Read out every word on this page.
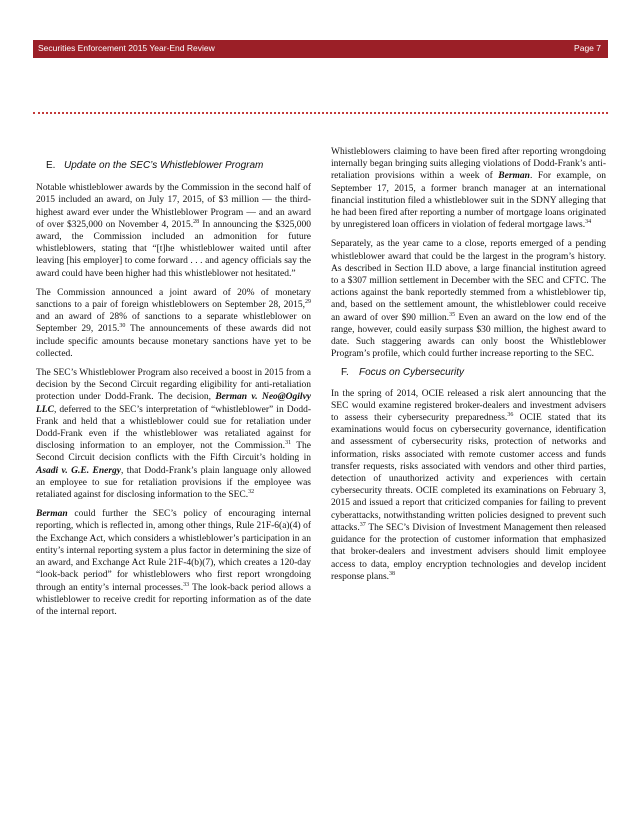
Securities Enforcement 2015 Year-End Review	Page 7
E. Update on the SEC’s Whistleblower Program

Notable whistleblower awards by the Commission in the second half of 2015 included an award, on July 17, 2015, of $3 million — the third-highest award ever under the Whistleblower Program — and an award of over $325,000 on November 4, 2015.28 In announcing the $325,000 award, the Commission included an admonition for future whistleblowers, stating that “[t]he whistleblower waited until after leaving [his employer] to come forward . . . and agency officials say the award could have been higher had this whistleblower not hesitated.”

The Commission announced a joint award of 20% of monetary sanctions to a pair of foreign whistleblowers on September 28, 2015,29 and an award of 28% of sanctions to a separate whistleblower on September 29, 2015.30 The announcements of these awards did not include specific amounts because monetary sanctions have yet to be collected.

The SEC’s Whistleblower Program also received a boost in 2015 from a decision by the Second Circuit regarding eligibility for anti-retaliation protection under Dodd-Frank. The decision, Berman v. Neo@Ogilvy LLC, deferred to the SEC’s interpretation of “whistleblower” in Dodd-Frank and held that a whistleblower could sue for retaliation under Dodd-Frank even if the whistleblower was retaliated against for disclosing information to an employer, not the Commission.$^{31}$ The Second Circuit decision conflicts with the Fifth Circuit’s holding in Asadi v. G.E. Energy, that Dodd-Frank’s plain language only allowed an employee to sue for retaliation provisions if the employee was retaliated against for disclosing information to the SEC.$^{32}$

Berman could further the SEC’s policy of encouraging internal reporting, which is reflected in, among other things, Rule 21F-6(a)(4) of the Exchange Act, which considers a whistleblower’s participation in an entity’s internal reporting system a plus factor in determining the size of an award, and Exchange Act Rule 21F-4(b)(7), which creates a 120-day “look-back period” for whistleblowers who first report wrongdoing through an entity’s internal processes.$^{33}$ The look-back period allows a whistleblower to receive credit for reporting information as of the date of the internal report.

Whistleblowers claiming to have been fired after reporting wrongdoing internally began bringing suits alleging violations of Dodd-Frank’s anti-retaliation provisions within a week of Berman. For example, on September 17, 2015, a former branch manager at an international financial institution filed a whistleblower suit in the SDNY alleging that he had been fired after reporting a number of mortgage loans originated by unregistered loan officers in violation of federal mortgage laws.$^{34}$

Separately, as the year came to a close, reports emerged of a pending whistleblower award that could be the largest in the program’s history. As described in Section II.D above, a large financial institution agreed to a $307 million settlement in December with the SEC and CFTC. The actions against the bank reportedly stemmed from a whistleblower tip, and, based on the settlement amount, the whistleblower could receive an award of over $90 million.$^{35}$ Even an award on the low end of the range, however, could easily surpass $30 million, the highest award to date. Such staggering awards can only boost the Whistleblower Program’s profile, which could further increase reporting to the SEC.

F. Focus on Cybersecurity

In the spring of 2014, OCIE released a risk alert announcing that the SEC would examine registered broker-dealers and investment advisers to assess their cybersecurity preparedness.$^{36}$ OCIE stated that its examinations would focus on cybersecurity governance, identification and assessment of cybersecurity risks, protection of networks and information, risks associated with remote customer access and funds transfer requests, risks associated with vendors and other third parties, detection of unauthorized activity and experiences with certain cybersecurity threats. OCIE completed its examinations on February 3, 2015 and issued a report that criticized companies for failing to prevent cyberattacks, notwithstanding written policies designed to prevent such attacks.$^{37}$ The SEC’s Division of Investment Management then released guidance for the protection of customer information that emphasized that broker-dealers and investment advisers should limit employee access to data, employ encryption technologies and develop incident response plans.$^{38}$
